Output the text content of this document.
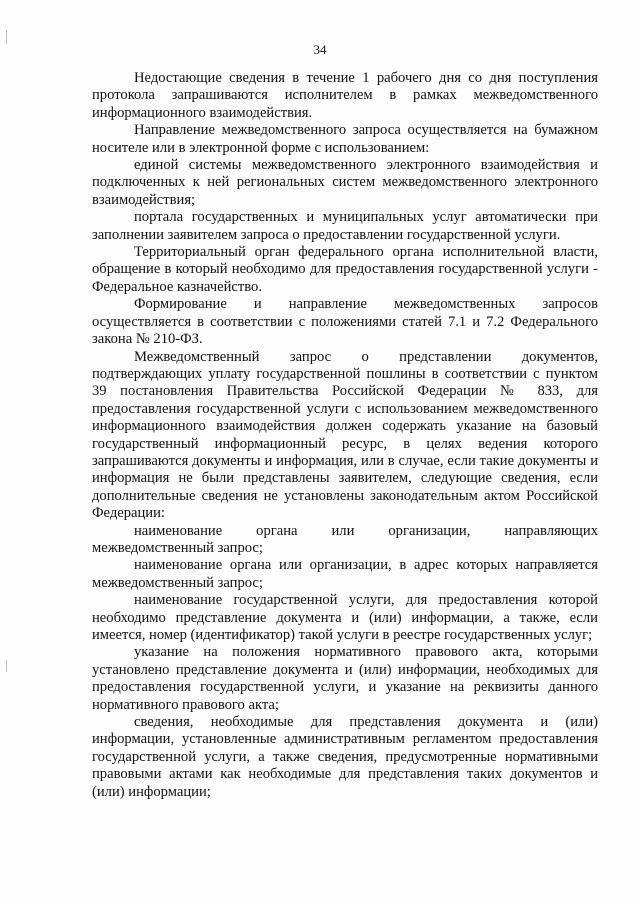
34

Недостающие сведения в течение 1 рабочего дня со дня поступления протокола запрашиваются исполнителем в рамках межведомственного информационного взаимодействия.

Направление межведомственного запроса осуществляется на бумажном носителе или в электронной форме с использованием:

единой системы межведомственного электронного взаимодействия и подключенных к ней региональных систем межведомственного электронного взаимодействия;

портала государственных и муниципальных услуг автоматически при заполнении заявителем запроса о предоставлении государственной услуги.

Территориальный орган федерального органа исполнительной власти, обращение в который необходимо для предоставления государственной услуги - Федеральное казначейство.

Формирование и направление межведомственных запросов осуществляется в соответствии с положениями статей 7.1 и 7.2 Федерального закона № 210-ФЗ.

Межведомственный запрос о представлении документов, подтверждающих уплату государственной пошлины в соответствии с пунктом 39 постановления Правительства Российской Федерации № 833, для предоставления государственной услуги с использованием межведомственного информационного взаимодействия должен содержать указание на базовый государственный информационный ресурс, в целях ведения которого запрашиваются документы и информация, или в случае, если такие документы и информация не были представлены заявителем, следующие сведения, если дополнительные сведения не установлены законодательным актом Российской Федерации:

наименование органа или организации, направляющих межведомственный запрос;

наименование органа или организации, в адрес которых направляется межведомственный запрос;

наименование государственной услуги, для предоставления которой необходимо представление документа и (или) информации, а также, если имеется, номер (идентификатор) такой услуги в реестре государственных услуг;

указание на положения нормативного правового акта, которыми установлено представление документа и (или) информации, необходимых для предоставления государственной услуги, и указание на реквизиты данного нормативного правового акта;

сведения, необходимые для представления документа и (или) информации, установленные административным регламентом предоставления государственной услуги, а также сведения, предусмотренные нормативными правовыми актами как необходимые для представления таких документов и (или) информации;
